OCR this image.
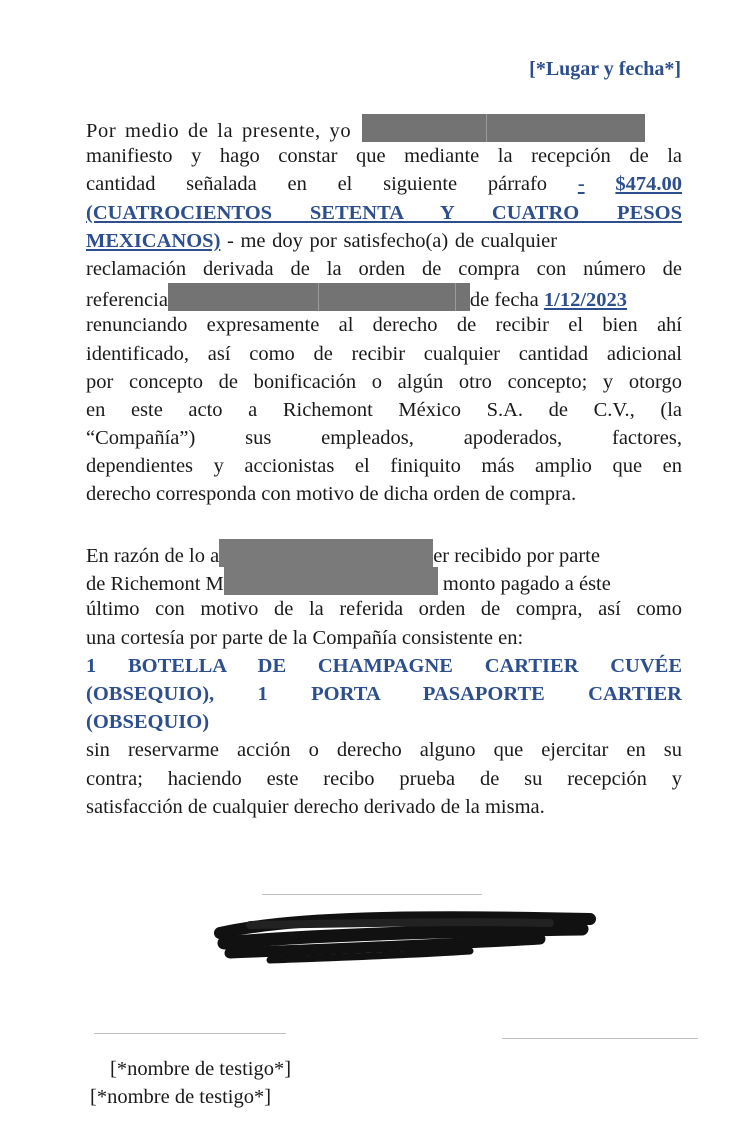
[*Lugar y fecha*]
Por medio de la presente, yo
manifiesto y hago constar que mediante la recepción de la
cantidad señalada en el siguiente párrafo - $474.00
(CUATROCIENTOS SETENTA Y CUATRO PESOS
MEXICANOS) - me doy por satisfecho(a) de cualquier
reclamación derivada de la orden de compra con número de
referencia	de fecha 1/12/2023
renunciando expresamente al derecho de recibir el bien ahí
identificado, así como de recibir cualquier cantidad adicional
por concepto de bonificación o algún otro concepto; y otorgo
en este acto a Richemont México S.A. de C.V., (la
“Compañía”) sus empleados, apoderados, factores,
dependientes y accionistas el finiquito más amplio que en
derecho corresponda con motivo de dicha orden de compra.
En razón de lo a	er recibido por parte
de Richemont M	monto pagado a éste
último con motivo de la referida orden de compra, así como
una cortesía por parte de la Compañía consistente en:
1 BOTELLA DE CHAMPAGNE CARTIER CUVÉE
(OBSEQUIO), 1 PORTA PASAPORTE CARTIER
(OBSEQUIO)
sin reservarme acción o derecho alguno que ejercitar en su
contra; haciendo este recibo prueba de su recepción y
satisfacción de cualquier derecho derivado de la misma.
[*nombre de testigo*]
[*nombre de testigo*]
